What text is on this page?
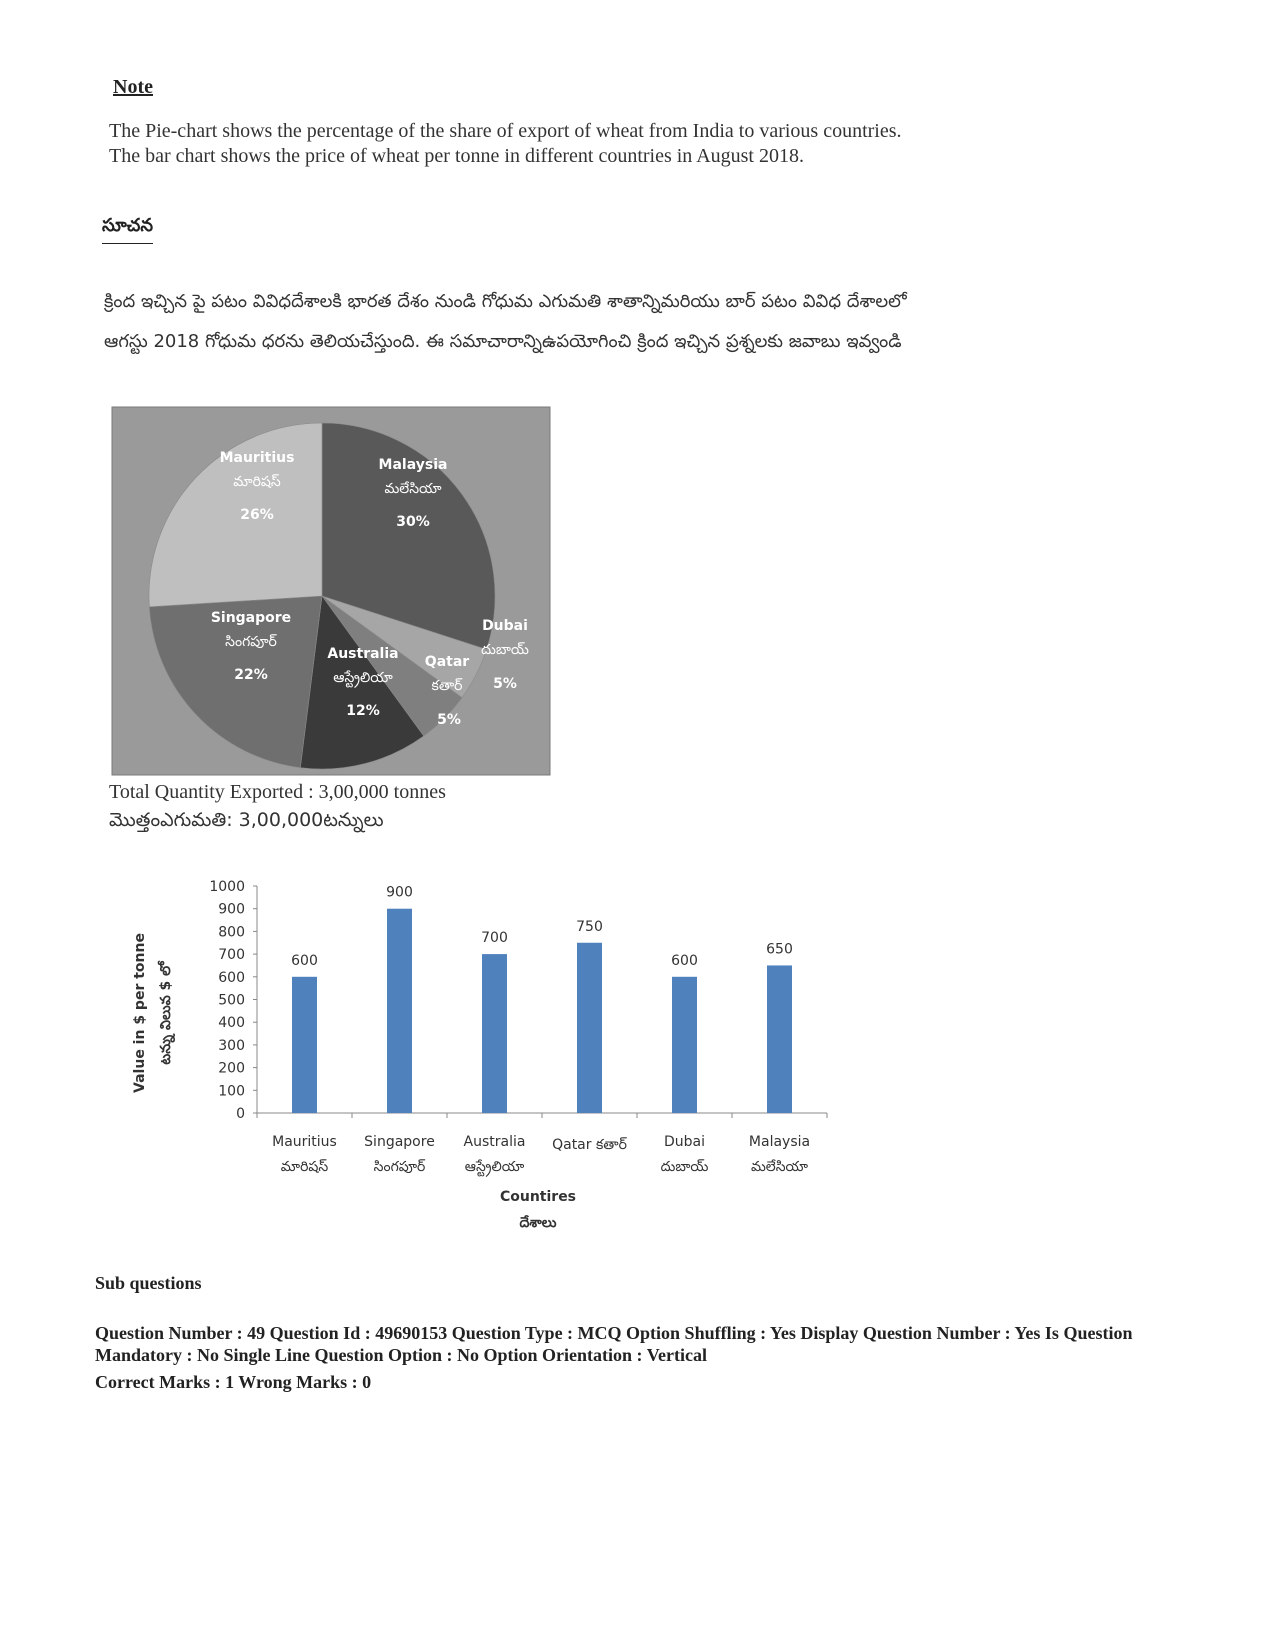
Note
The Pie-chart shows the percentage of the share of export of wheat from India to various countries. The bar chart shows the price of wheat per tonne in different countries in August 2018.
సూచన
క్రింద ఇచ్చిన పై పటం వివిధదేశాలకి భారత దేశం నుండి గోధుమ ఎగుమతి శాతాన్నిమరియు బార్ పటం వివిధ దేశాలలో ఆగస్టు 2018 గోధుమ ధరను తెలియచేస్తుంది. ఈ సమాచారాన్నిఉపయోగించి క్రింద ఇచ్చిన ప్రశ్నలకు జవాబు ఇవ్వండి
Malaysia
మలేసియా
30%
Dubai
దుబాయ్
5%
Qatar
కతార్
5%
Australia
ఆస్ట్రేలియా
12%
Singapore
సింగపూర్
22%
Mauritius
మారిషస్
26%
Total Quantity Exported : 3,00,000 tonnes
మొత్తంఎగుమతి: 3,00,000టన్నులు
0
100
200
300
400
500
600
700
800
900
1000
600
Mauritius
మారిషస్
900
Singapore
సింగపూర్
700
Australia
ఆస్ట్రేలియా
750
Qatar కతార్
600
Dubai
దుబాయ్
650
Malaysia
మలేసియా
Countires
దేశాలు
Value in $ per tonne టన్ను విలువ $ లో
Sub questions
Question Number : 49 Question Id : 49690153 Question Type : MCQ Option Shuffling : Yes Display Question Number : Yes Is Question Mandatory : No Single Line Question Option : No Option Orientation : Vertical
Correct Marks : 1 Wrong Marks : 0
